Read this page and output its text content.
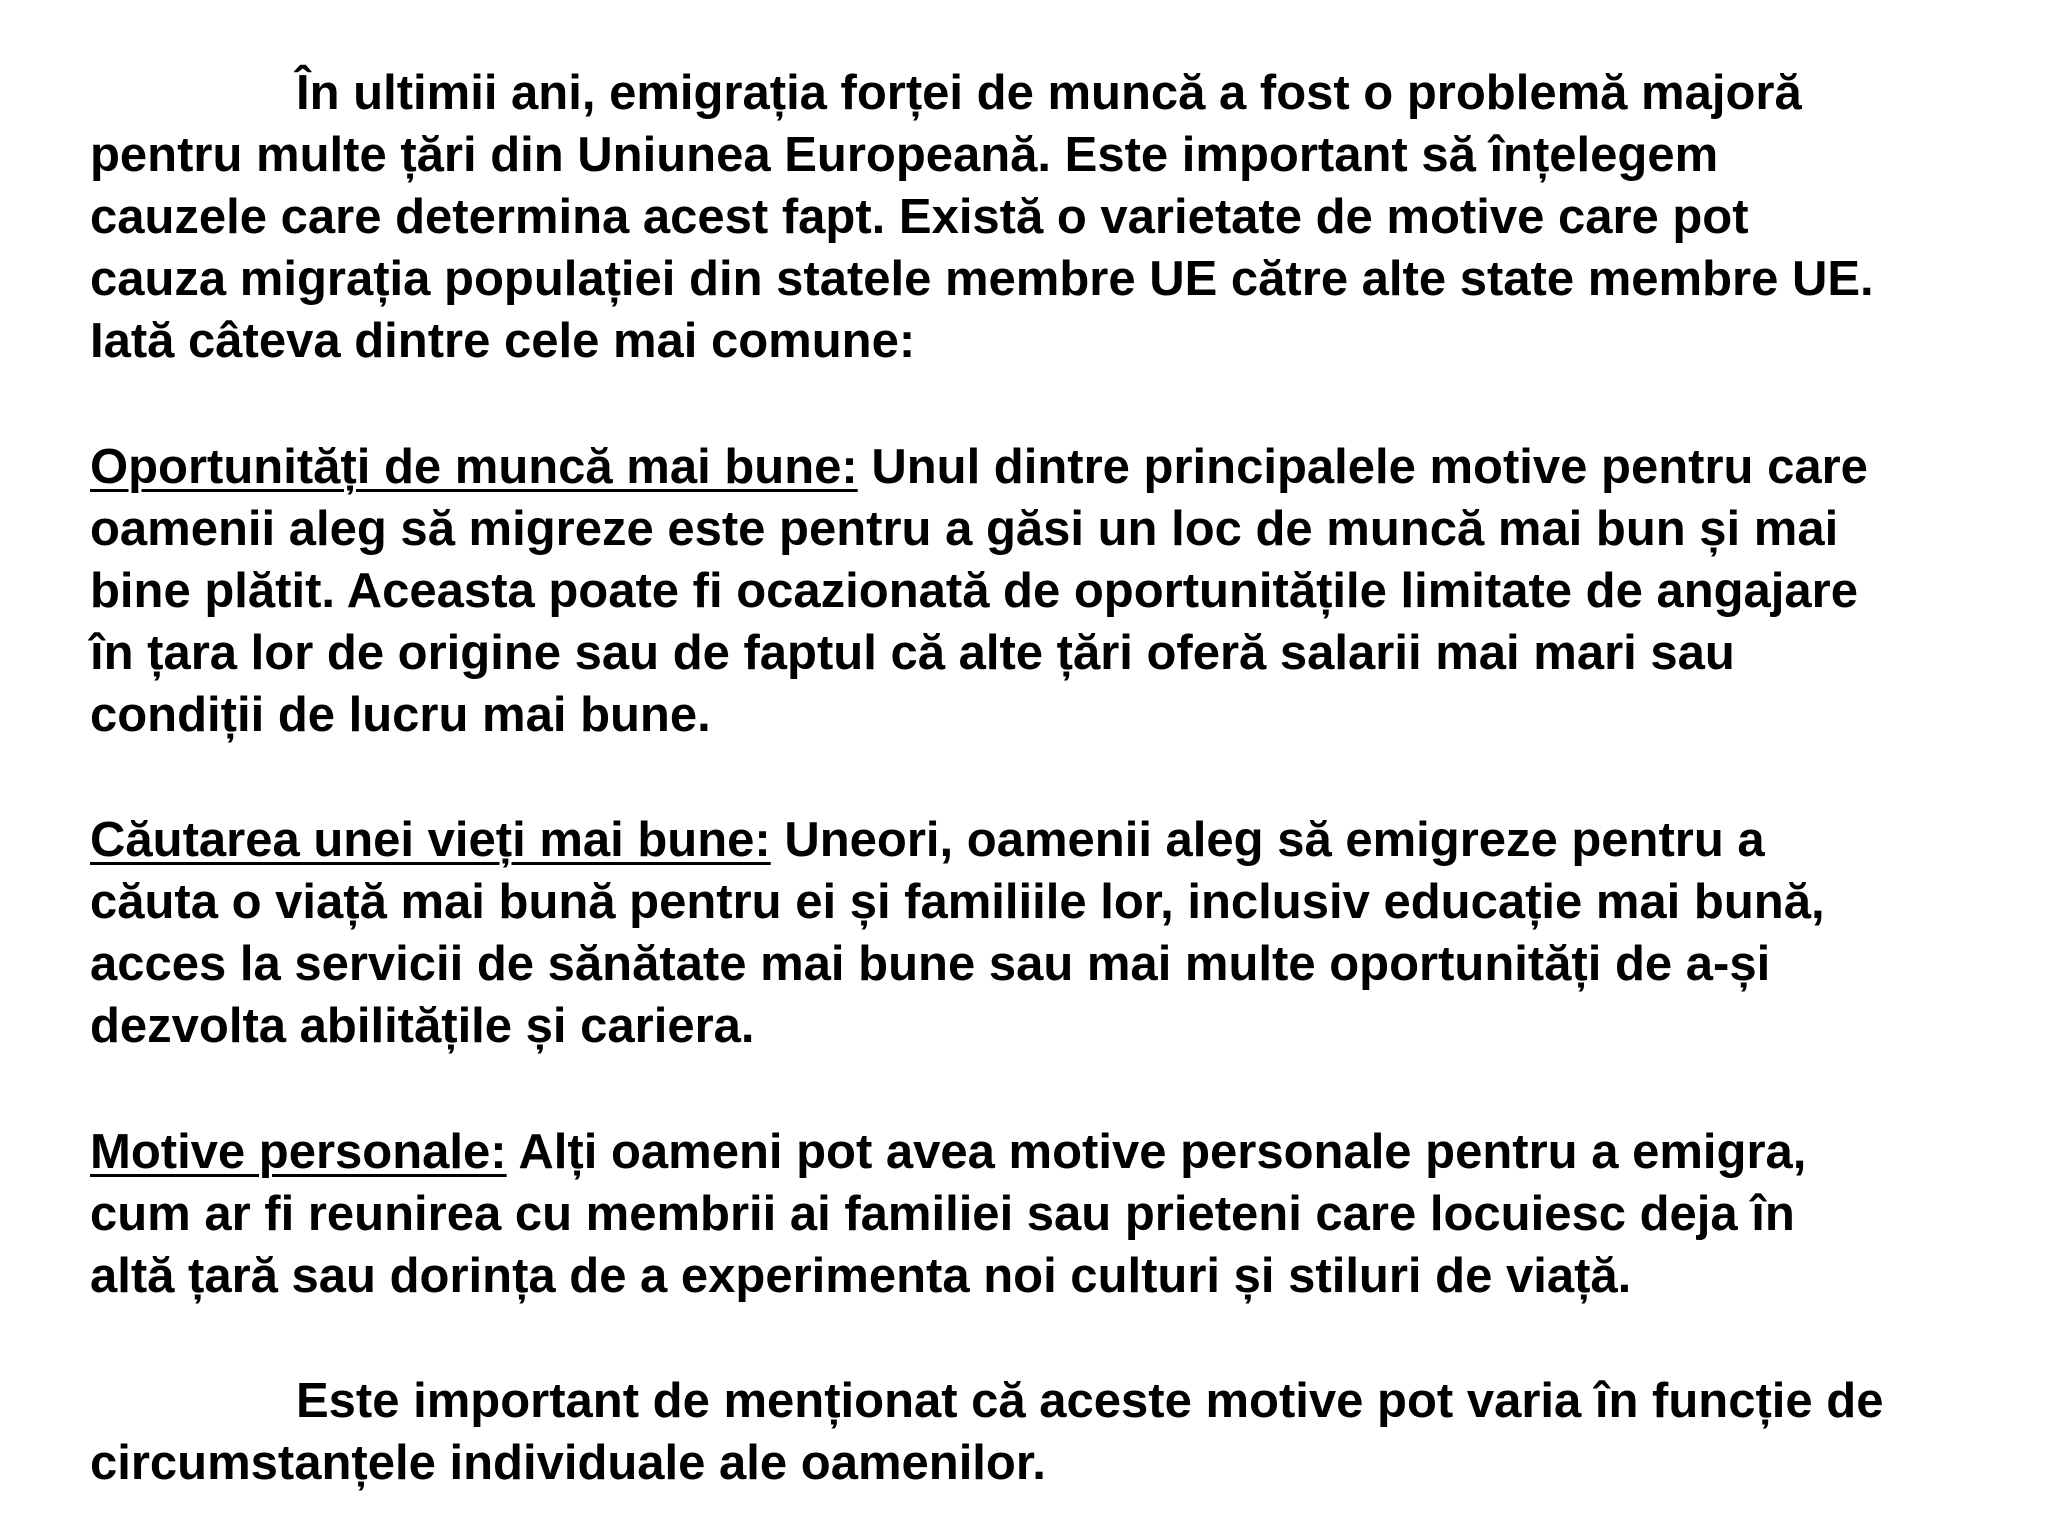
În ultimii ani, emigrația forței de muncă a fost o problemă majoră
pentru multe țări din Uniunea Europeană. Este important să înțelegem
cauzele care determina acest fapt. Există o varietate de motive care pot
cauza migrația populației din statele membre UE către alte state membre UE.
Iată câteva dintre cele mai comune:
Oportunități de muncă mai bune: Unul dintre principalele motive pentru care
oamenii aleg să migreze este pentru a găsi un loc de muncă mai bun și mai
bine plătit. Aceasta poate fi ocazionată de oportunitățile limitate de angajare
în țara lor de origine sau de faptul că alte țări oferă salarii mai mari sau
condiții de lucru mai bune.
Căutarea unei vieți mai bune: Uneori, oamenii aleg să emigreze pentru a
căuta o viață mai bună pentru ei și familiile lor, inclusiv educație mai bună,
acces la servicii de sănătate mai bune sau mai multe oportunități de a-și
dezvolta abilitățile și cariera.
Motive personale: Alți oameni pot avea motive personale pentru a emigra,
cum ar fi reunirea cu membrii ai familiei sau prieteni care locuiesc deja în
altă țară sau dorința de a experimenta noi culturi și stiluri de viață.
Este important de menționat că aceste motive pot varia în funcție de
circumstanțele individuale ale oamenilor.
